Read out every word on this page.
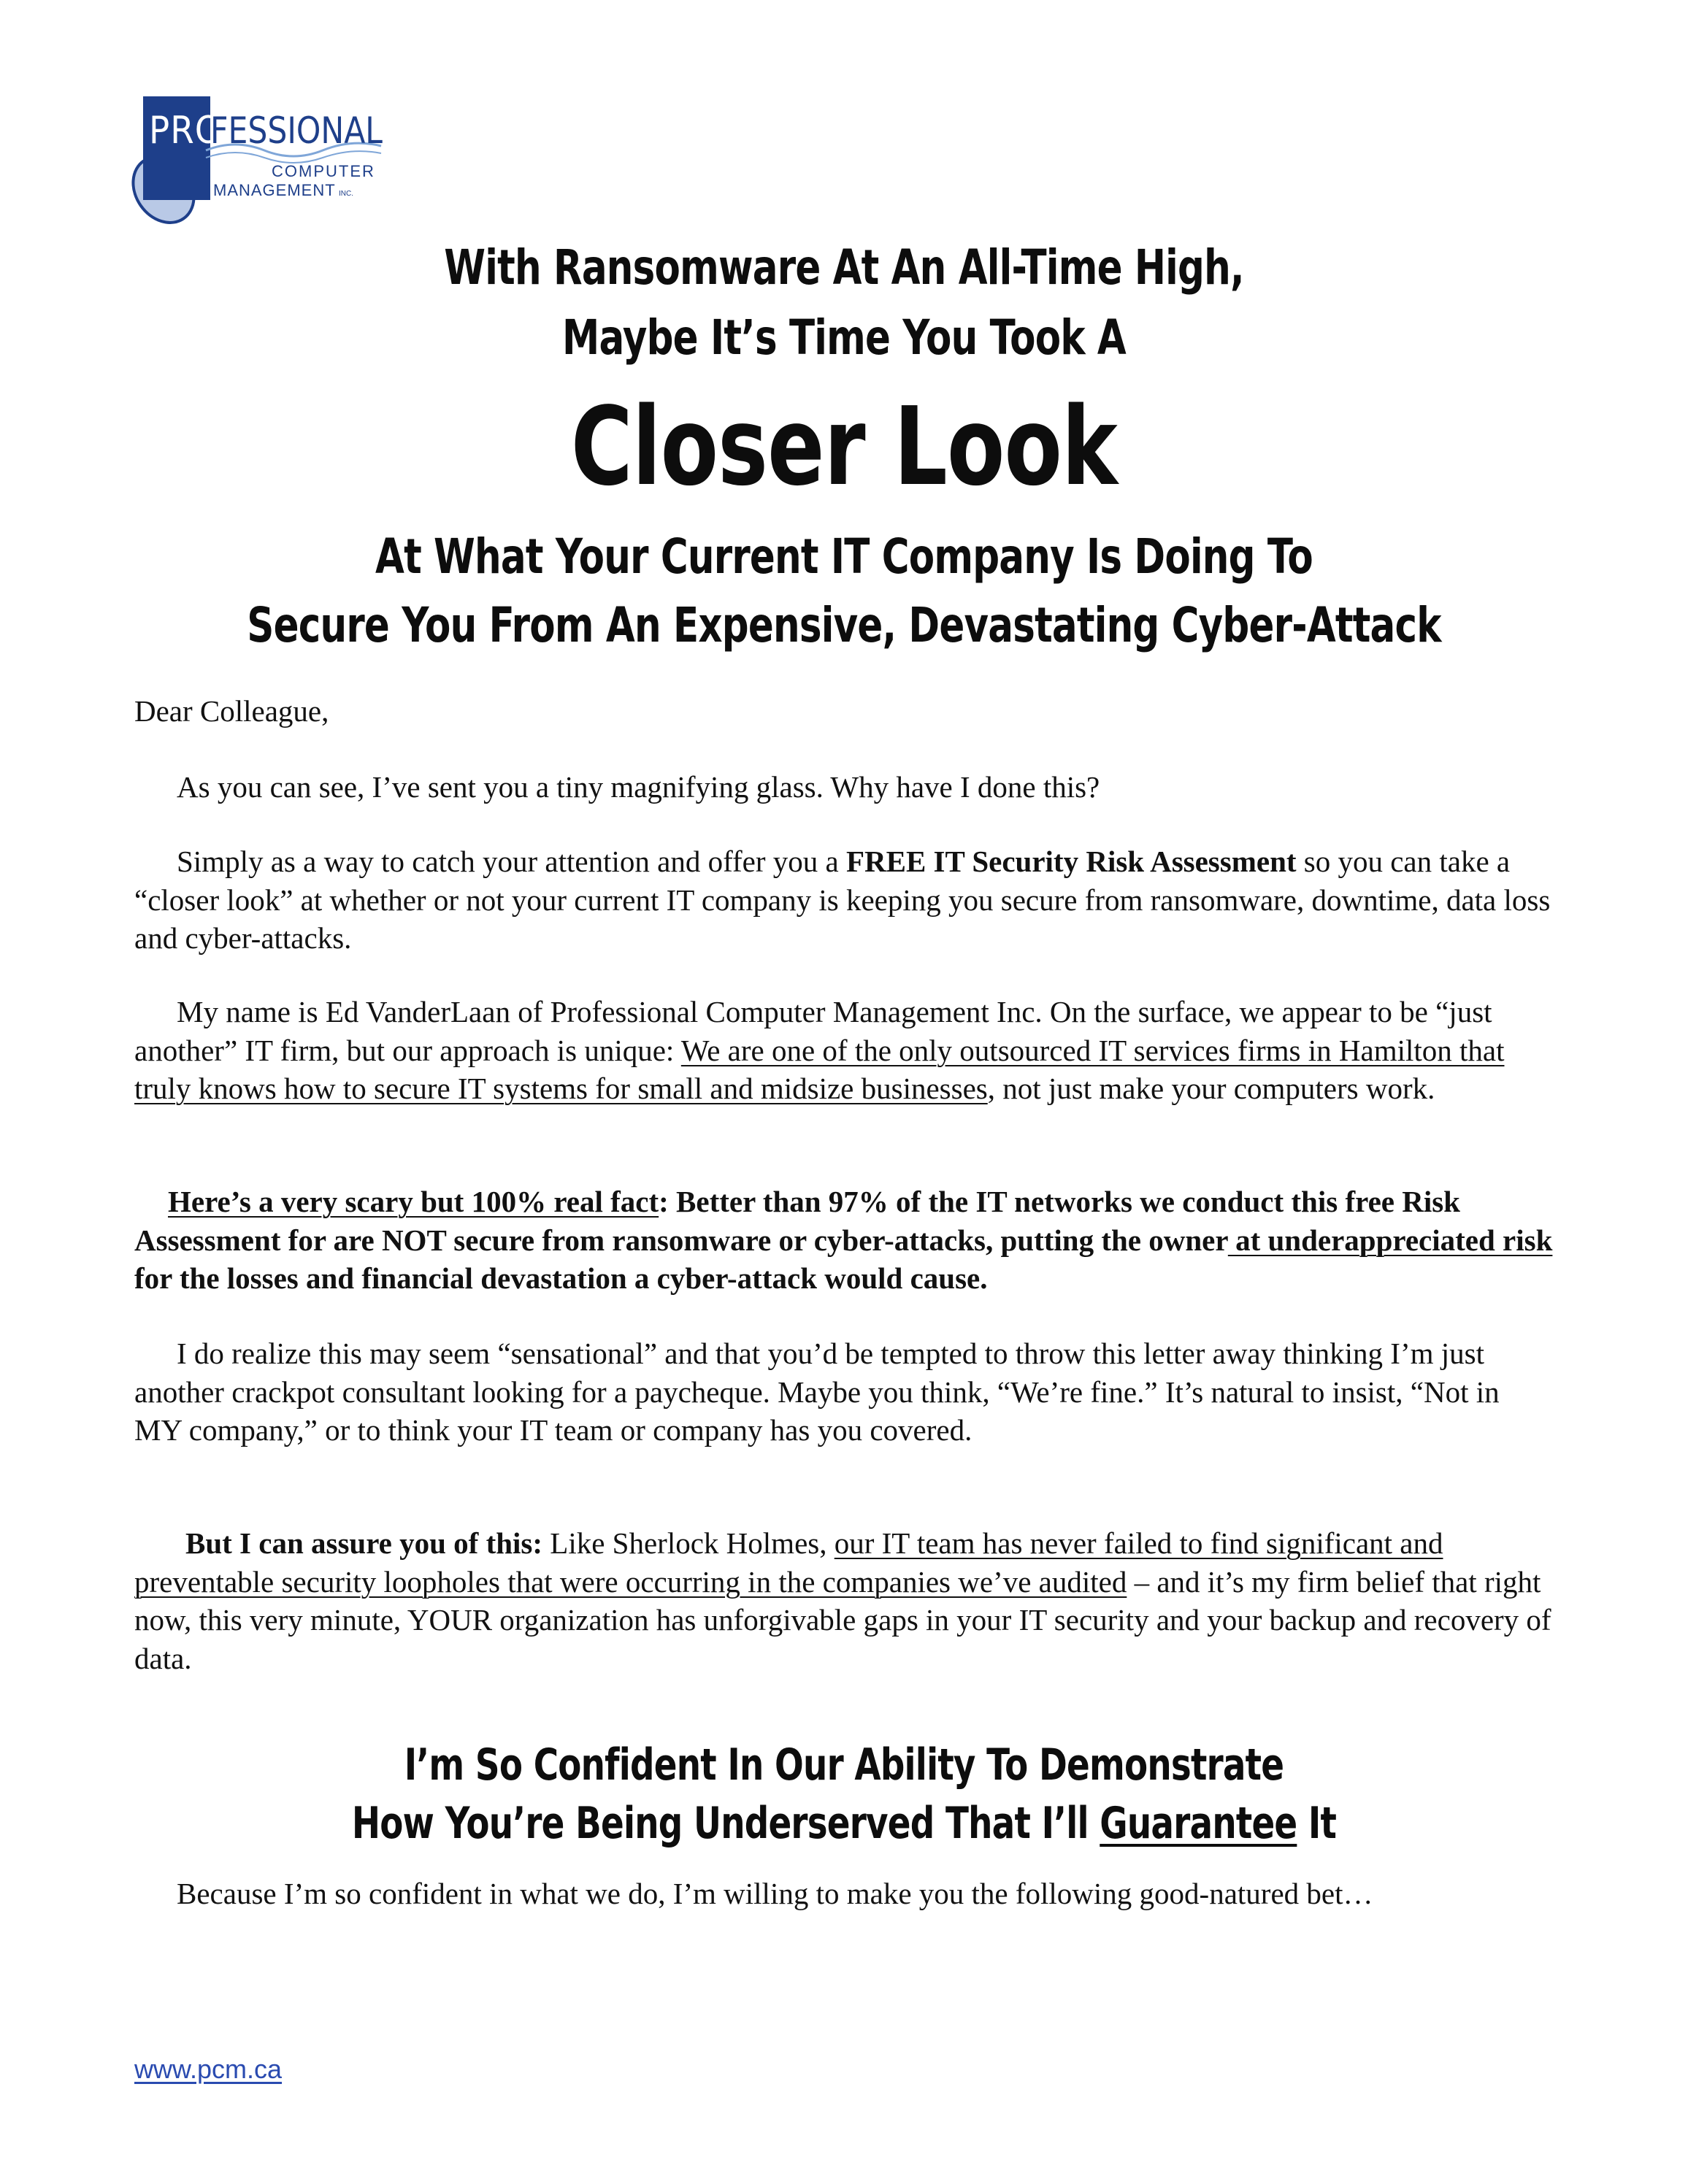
PRO
FESSIONAL
COMPUTER
MANAGEMENT INC.
With Ransomware At An All-Time High,
Maybe It’s Time You Took A
Closer Look
At What Your Current IT Company Is Doing To
Secure You From An Expensive, Devastating Cyber-Attack
Dear Colleague,
As you can see, I’ve sent you a tiny magnifying glass. Why have I done this?
Simply as a way to catch your attention and offer you a FREE IT Security Risk Assessment so you can take a “closer look” at whether or not your current IT company is keeping you secure from ransomware, downtime, data loss and cyber-attacks.
My name is Ed VanderLaan of Professional Computer Management Inc. On the surface, we appear to be “just another” IT firm, but our approach is unique: We are one of the only outsourced IT services firms in Hamilton that truly knows how to secure IT systems for small and midsize businesses, not just make your computers work.
Here’s a very scary but 100% real fact: Better than 97% of the IT networks we conduct this free Risk Assessment for are NOT secure from ransomware or cyber-attacks, putting the owner at underappreciated risk for the losses and financial devastation a cyber-attack would cause.
I do realize this may seem “sensational” and that you’d be tempted to throw this letter away thinking I’m just another crackpot consultant looking for a paycheque. Maybe you think, “We’re fine.” It’s natural to insist, “Not in MY company,” or to think your IT team or company has you covered.
But I can assure you of this: Like Sherlock Holmes, our IT team has never failed to find significant and preventable security loopholes that were occurring in the companies we’ve audited – and it’s my firm belief that right now, this very minute, YOUR organization has unforgivable gaps in your IT security and your backup and recovery of data.
I’m So Confident In Our Ability To Demonstrate
How You’re Being Underserved That I’ll Guarantee It
Because I’m so confident in what we do, I’m willing to make you the following good-natured bet…
www.pcm.ca
